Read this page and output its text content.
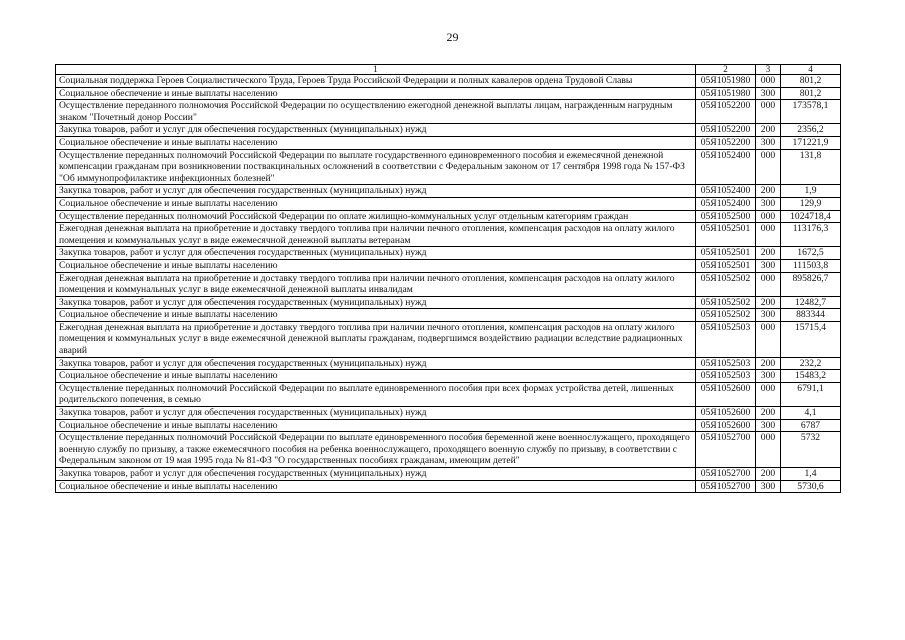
29
1	2	3	4
Социальная поддержка Героев Социалистического Труда, Героев Труда Российской Федерации и полных кавалеров ордена Трудовой Славы	05Я1051980	000	801,2
Социальное обеспечение и иные выплаты населению	05Я1051980	300	801,2
Осуществление переданного полномочия Российской Федерации по осуществлению ежегодной денежной выплаты лицам, награжденным нагрудным знаком "Почетный донор России"	05Я1052200	000	173578,1
Закупка товаров, работ и услуг для обеспечения государственных (муниципальных) нужд	05Я1052200	200	2356,2
Социальное обеспечение и иные выплаты населению	05Я1052200	300	171221,9
Осуществление переданных полномочий Российской Федерации по выплате государственного единовременного пособия и ежемесячной денежной компенсации гражданам при возникновении поствакцинальных осложнений в соответствии с Федеральным законом от 17 сентября 1998 года № 157-ФЗ "Об иммунопрофилактике инфекционных болезней"	05Я1052400	000	131,8
Закупка товаров, работ и услуг для обеспечения государственных (муниципальных) нужд	05Я1052400	200	1,9
Социальное обеспечение и иные выплаты населению	05Я1052400	300	129,9
Осуществление переданных полномочий Российской Федерации по оплате жилищно-коммунальных услуг отдельным категориям граждан	05Я1052500	000	1024718,4
Ежегодная денежная выплата на приобретение и доставку твердого топлива при наличии печного отопления, компенсация расходов на оплату жилого помещения и коммунальных услуг в виде ежемесячной денежной выплаты ветеранам	05Я1052501	000	113176,3
Закупка товаров, работ и услуг для обеспечения государственных (муниципальных) нужд	05Я1052501	200	1672,5
Социальное обеспечение и иные выплаты населению	05Я1052501	300	111503,8
Ежегодная денежная выплата на приобретение и доставку твердого топлива при наличии печного отопления, компенсация расходов на оплату жилого помещения и коммунальных услуг в виде ежемесячной денежной выплаты инвалидам	05Я1052502	000	895826,7
Закупка товаров, работ и услуг для обеспечения государственных (муниципальных) нужд	05Я1052502	200	12482,7
Социальное обеспечение и иные выплаты населению	05Я1052502	300	883344
Ежегодная денежная выплата на приобретение и доставку твердого топлива при наличии печного отопления, компенсация расходов на оплату жилого помещения и коммунальных услуг в виде ежемесячной денежной выплаты гражданам, подвергшимся воздействию радиации вследствие радиационных аварий	05Я1052503	000	15715,4
Закупка товаров, работ и услуг для обеспечения государственных (муниципальных) нужд	05Я1052503	200	232,2
Социальное обеспечение и иные выплаты населению	05Я1052503	300	15483,2
Осуществление переданных полномочий Российской Федерации по выплате единовременного пособия при всех формах устройства детей, лишенных родительского попечения, в семью	05Я1052600	000	6791,1
Закупка товаров, работ и услуг для обеспечения государственных (муниципальных) нужд	05Я1052600	200	4,1
Социальное обеспечение и иные выплаты населению	05Я1052600	300	6787
Осуществление переданных полномочий Российской Федерации по выплате единовременного пособия беременной жене военнослужащего, проходящего военную службу по призыву, а также ежемесячного пособия на ребенка военнослужащего, проходящего военную службу по призыву, в соответствии с Федеральным законом от 19 мая 1995 года № 81-ФЗ "О государственных пособиях гражданам, имеющим детей"	05Я1052700	000	5732
Закупка товаров, работ и услуг для обеспечения государственных (муниципальных) нужд	05Я1052700	200	1,4
Социальное обеспечение и иные выплаты населению	05Я1052700	300	5730,6
